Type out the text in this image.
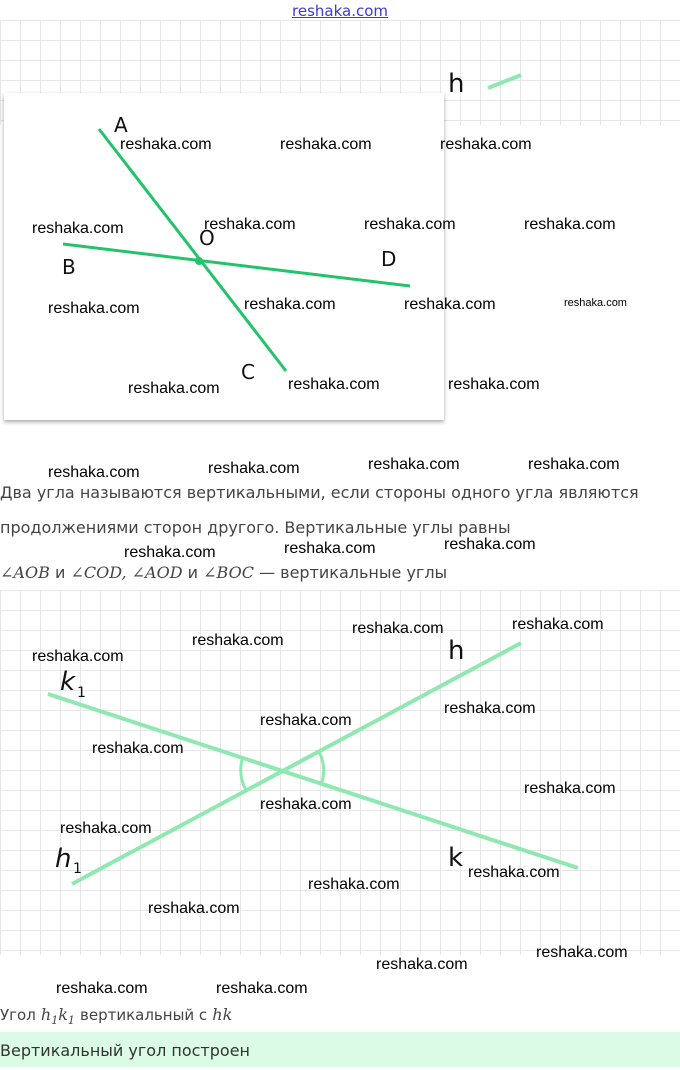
reshaka.com
h
A
B
O
D
C
Два угла называются вертикальными, если стороны одного угла являются
продолжениями сторон другого. Вертикальные углы равны
∠AOB и ∠COD, ∠AOD и ∠BOC — вертикальные углы
h
k
k 1
h 1
Угол $h_1k_1$ вертикальный с hk
Вертикальный угол построен
reshaka.com	reshaka.com	reshaka.com
reshaka.com	reshaka.com	reshaka.com	reshaka.com
reshaka.com	reshaka.com	reshaka.com	reshaka.com
reshaka.com	reshaka.com	reshaka.com
reshaka.com	reshaka.com	reshaka.com	reshaka.com
reshaka.com	reshaka.com	reshaka.com
reshaka.com
reshaka.com	reshaka.com
reshaka.com
reshaka.com
reshaka.com
reshaka.com
reshaka.com
reshaka.com
reshaka.com
reshaka.com
reshaka.com
reshaka.com
reshaka.com
reshaka.com
reshaka.com	reshaka.com
